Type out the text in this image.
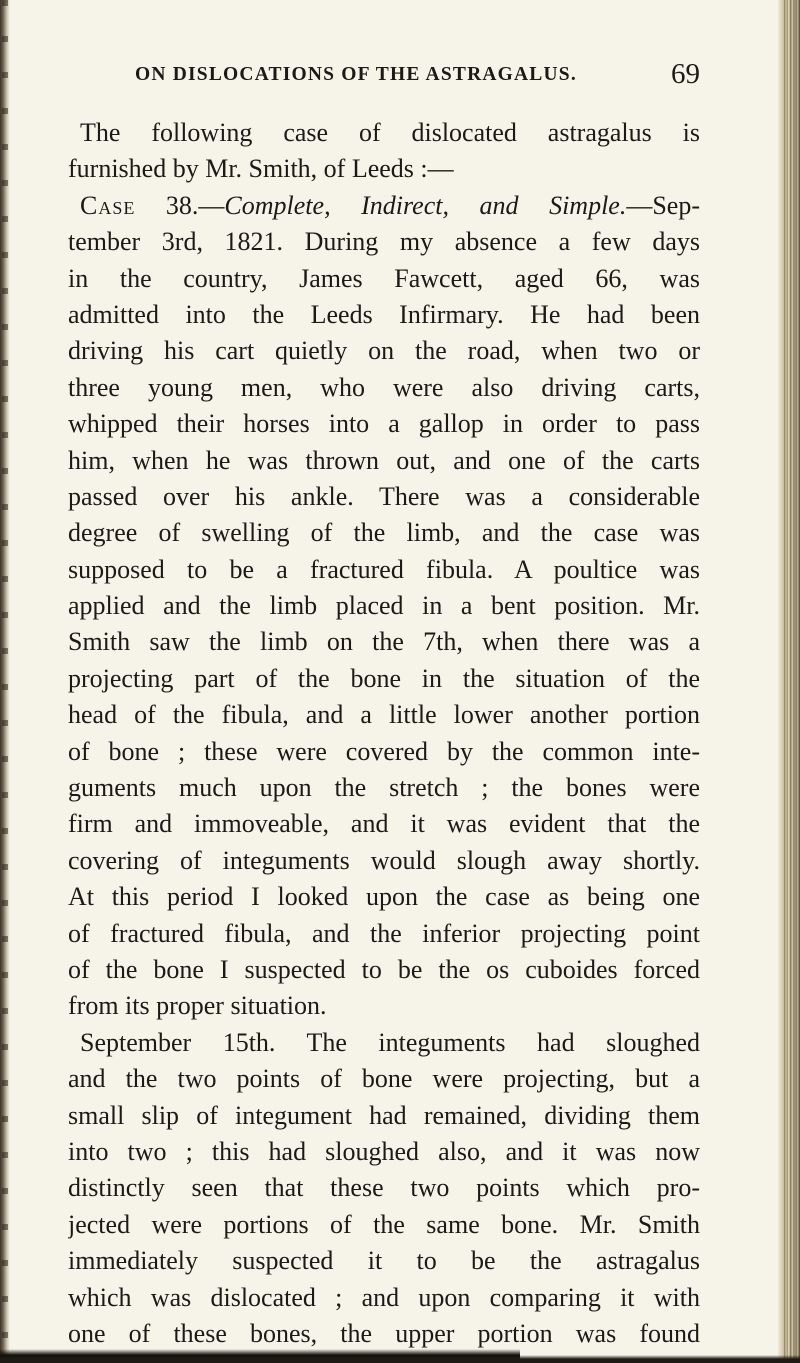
ON DISLOCATIONS OF THE ASTRAGALUS.	69
The following case of dislocated astragalus is
furnished by Mr. Smith, of Leeds :—
Case 38.—Complete, Indirect, and Simple.—Sep-
tember 3rd, 1821. During my absence a few days
in the country, James Fawcett, aged 66, was
admitted into the Leeds Infirmary. He had been
driving his cart quietly on the road, when two or
three young men, who were also driving carts,
whipped their horses into a gallop in order to pass
him, when he was thrown out, and one of the carts
passed over his ankle. There was a considerable
degree of swelling of the limb, and the case was
supposed to be a fractured fibula. A poultice was
applied and the limb placed in a bent position. Mr.
Smith saw the limb on the 7th, when there was a
projecting part of the bone in the situation of the
head of the fibula, and a little lower another portion
of bone ; these were covered by the common inte-
guments much upon the stretch ; the bones were
firm and immoveable, and it was evident that the
covering of integuments would slough away shortly.
At this period I looked upon the case as being one
of fractured fibula, and the inferior projecting point
of the bone I suspected to be the os cuboides forced
from its proper situation.
September 15th. The integuments had sloughed
and the two points of bone were projecting, but a
small slip of integument had remained, dividing them
into two ; this had sloughed also, and it was now
distinctly seen that these two points which pro-
jected were portions of the same bone. Mr. Smith
immediately suspected it to be the astragalus
which was dislocated ; and upon comparing it with
one of these bones, the upper portion was found
